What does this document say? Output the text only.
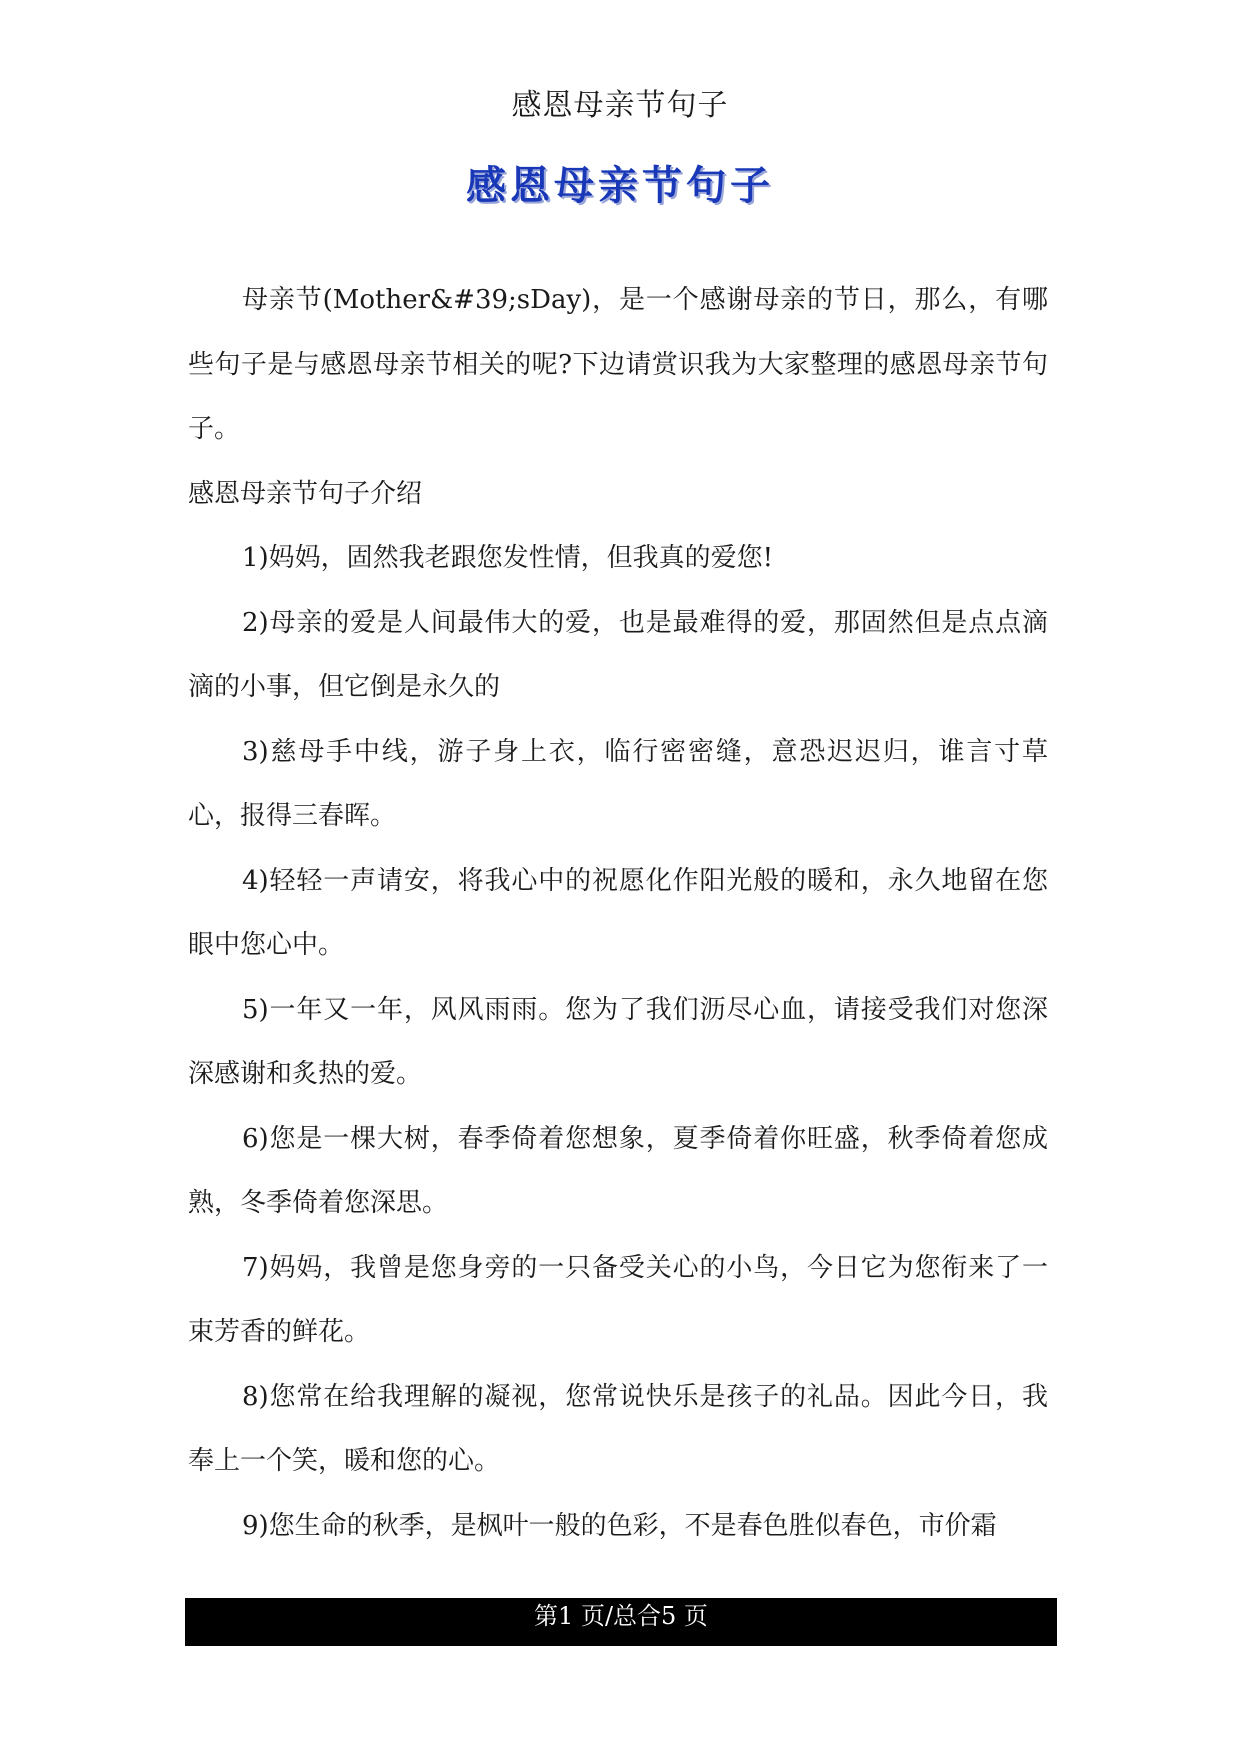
感恩母亲节句子
感恩母亲节句子

母亲节(Mother&#39;sDay)，是一个感谢母亲的节日，那么，有哪些句子是与感恩母亲节相关的呢?下边请赏识我为大家整理的感恩母亲节句子。

感恩母亲节句子介绍

1)妈妈，固然我老跟您发性情，但我真的爱您!

2)母亲的爱是人间最伟大的爱，也是最难得的爱，那固然但是点点滴滴的小事，但它倒是永久的

3)慈母手中线，游子身上衣，临行密密缝，意恐迟迟归，谁言寸草心，报得三春晖。

4)轻轻一声请安，将我心中的祝愿化作阳光般的暖和，永久地留在您眼中您心中。

5)一年又一年，风风雨雨。您为了我们沥尽心血，请接受我们对您深深感谢和炙热的爱。

6)您是一棵大树，春季倚着您想象，夏季倚着你旺盛，秋季倚着您成熟，冬季倚着您深思。

7)妈妈，我曾是您身旁的一只备受关心的小鸟，今日它为您衔来了一束芳香的鲜花。

8)您常在给我理解的凝视，您常说快乐是孩子的礼品。因此今日，我奉上一个笑，暖和您的心。

9)您生命的秋季，是枫叶一般的色彩，不是春色胜似春色，市价霜

第1 页/总合5 页
